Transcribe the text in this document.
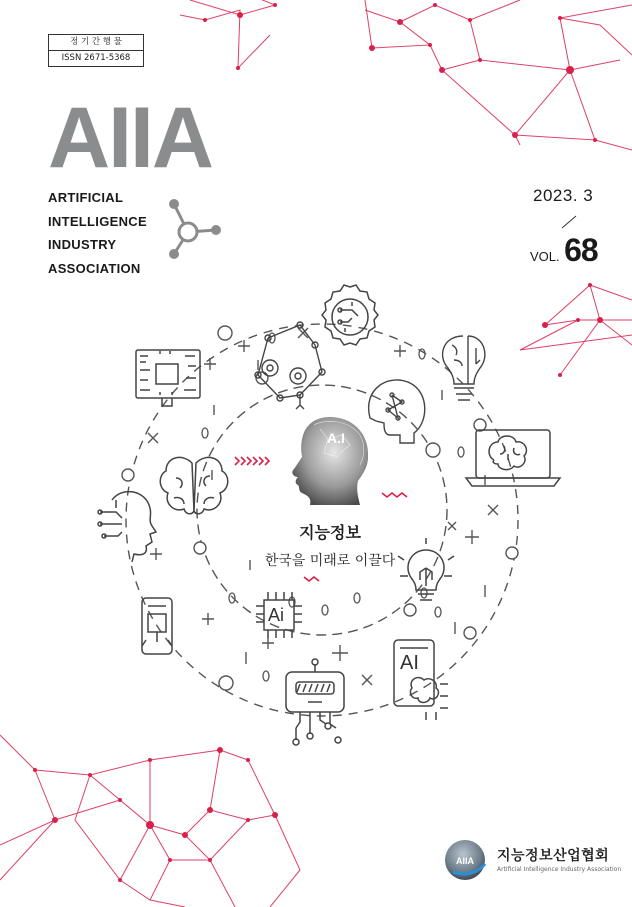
정 기 간 행 물
ISSN 2671-5368
AIIA
ARTIFICIAL
INTELLIGENCE
INDUSTRY
ASSOCIATION
2023. 3
VOL. 68
A.I
지능정보
한국을 미래로 이끌다
Ai
AI
AIIA 지능정보산업협회
Artificial Intelligence Industry Association
